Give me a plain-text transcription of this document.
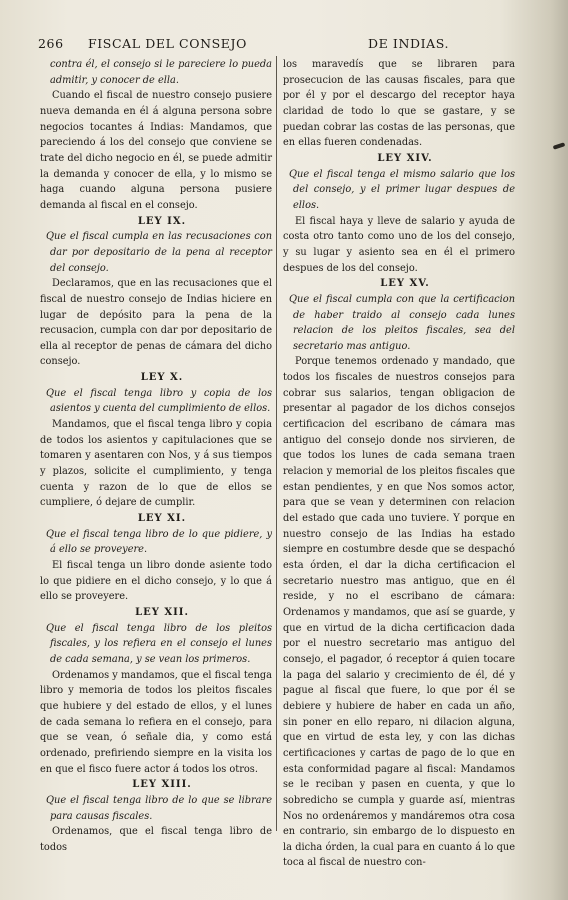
266 FISCAL DEL CONSEJO	DE INDIAS.

contra él, el consejo si le pareciere lo pueda admitir, y conocer de ella.

Cuando el fiscal de nuestro consejo pusiere nueva demanda en él á alguna persona sobre negocios tocantes á Indias: Mandamos, que pareciendo á los del consejo que conviene se trate del dicho negocio en él, se puede admitir la demanda y conocer de ella, y lo mismo se haga cuando alguna persona pusiere demanda al fiscal en el consejo.

LEY IX.

Que el fiscal cumpla en las recusaciones con dar por depositario de la pena al receptor del consejo.

Declaramos, que en las recusaciones que el fiscal de nuestro consejo de Indias hiciere en lugar de depósito para la pena de la recusacion, cumpla con dar por depositario de ella al receptor de penas de cámara del dicho consejo.

LEY X.

Que el fiscal tenga libro y copia de los asientos y cuenta del cumplimiento de ellos.

Mandamos, que el fiscal tenga libro y copia de todos los asientos y capitulaciones que se tomaren y asentaren con Nos, y á sus tiempos y plazos, solicite el cumplimiento, y tenga cuenta y razon de lo que de ellos se cumpliere, ó dejare de cumplir.

LEY XI.

Que el fiscal tenga libro de lo que pidiere, y á ello se proveyere.

El fiscal tenga un libro donde asiente todo lo que pidiere en el dicho consejo, y lo que á ello se proveyere.

LEY XII.

Que el fiscal tenga libro de los pleitos fiscales, y los refiera en el consejo el lunes de cada semana, y se vean los primeros.

Ordenamos y mandamos, que el fiscal tenga libro y memoria de todos los pleitos fiscales que hubiere y del estado de ellos, y el lunes de cada semana lo refiera en el consejo, para que se vean, ó señale dia, y como está ordenado, prefiriendo siempre en la visita los en que el fisco fuere actor á todos los otros.

LEY XIII.

Que el fiscal tenga libro de lo que se librare para causas fiscales.

Ordenamos, que el fiscal tenga libro de todos

los maravedís que se libraren para prosecucion de las causas fiscales, para que por él y por el descargo del receptor haya claridad de todo lo que se gastare, y se puedan cobrar las costas de las personas, que en ellas fueren condenadas.

LEY XIV.

Que el fiscal tenga el mismo salario que los del consejo, y el primer lugar despues de ellos.

El fiscal haya y lleve de salario y ayuda de costa otro tanto como uno de los del consejo, y su lugar y asiento sea en él el primero despues de los del consejo.

LEY XV.

Que el fiscal cumpla con que la certificacion de haber traido al consejo cada lunes relacion de los pleitos fiscales, sea del secretario mas antiguo.

Porque tenemos ordenado y mandado, que todos los fiscales de nuestros consejos para cobrar sus salarios, tengan obligacion de presentar al pagador de los dichos consejos certificacion del escribano de cámara mas antiguo del consejo donde nos sirvieren, de que todos los lunes de cada semana traen relacion y memorial de los pleitos fiscales que estan pendientes, y en que Nos somos actor, para que se vean y determinen con relacion del estado que cada uno tuviere. Y porque en nuestro consejo de las Indias ha estado siempre en costumbre desde que se despachó esta órden, el dar la dicha certificacion el secretario nuestro mas antiguo, que en él reside, y no el escribano de cámara: Ordenamos y mandamos, que así se guarde, y que en virtud de la dicha certificacion dada por el nuestro secretario mas antiguo del consejo, el pagador, ó receptor á quien tocare la paga del salario y crecimiento de él, dé y pague al fiscal que fuere, lo que por él se debiere y hubiere de haber en cada un año, sin poner en ello reparo, ni dilacion alguna, que en virtud de esta ley, y con las dichas certificaciones y cartas de pago de lo que en esta conformidad pagare al fiscal: Mandamos se le reciban y pasen en cuenta, y que lo sobredicho se cumpla y guarde así, mientras Nos no ordenáremos y mandáremos otra cosa en contrario, sin embargo de lo dispuesto en la dicha órden, la cual para en cuanto á lo que toca al fiscal de nuestro con-
